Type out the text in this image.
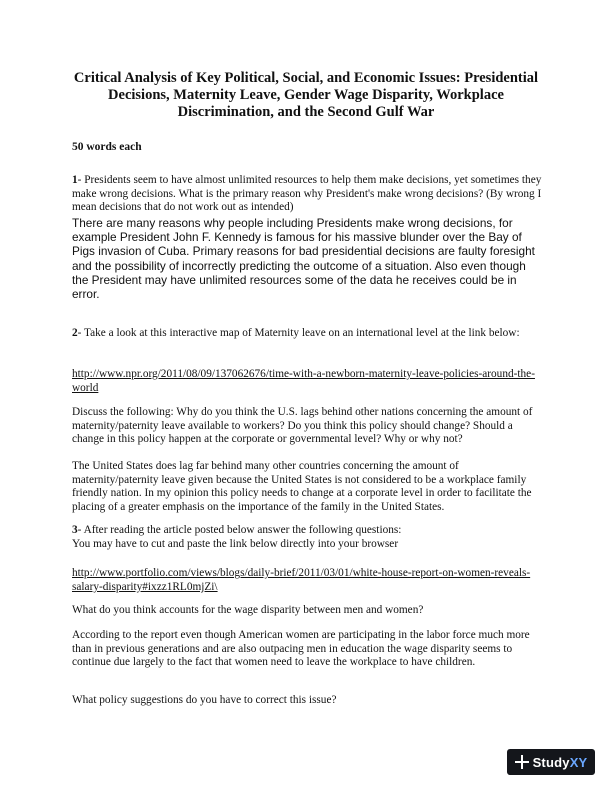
Critical Analysis of Key Political, Social, and Economic Issues: Presidential Decisions, Maternity Leave, Gender Wage Disparity, Workplace Discrimination, and the Second Gulf War
50 words each
1- Presidents seem to have almost unlimited resources to help them make decisions, yet sometimes they make wrong decisions. What is the primary reason why President's make wrong decisions? (By wrong I mean decisions that do not work out as intended)
There are many reasons why people including Presidents make wrong decisions, for example President John F. Kennedy is famous for his massive blunder over the Bay of Pigs invasion of Cuba. Primary reasons for bad presidential decisions are faulty foresight and the possibility of incorrectly predicting the outcome of a situation. Also even though the President may have unlimited resources some of the data he receives could be in error.
2- Take a look at this interactive map of Maternity leave on an international level at the link below:
http://www.npr.org/2011/08/09/137062676/time-with-a-newborn-maternity-leave-policies-around-the-world
Discuss the following: Why do you think the U.S. lags behind other nations concerning the amount of maternity/paternity leave available to workers? Do you think this policy should change? Should a change in this policy happen at the corporate or governmental level? Why or why not?
The United States does lag far behind many other countries concerning the amount of maternity/paternity leave given because the United States is not considered to be a workplace family friendly nation. In my opinion this policy needs to change at a corporate level in order to facilitate the placing of a greater emphasis on the importance of the family in the United States.
3- After reading the article posted below answer the following questions:
You may have to cut and paste the link below directly into your browser
http://www.portfolio.com/views/blogs/daily-brief/2011/03/01/white-house-report-on-women-reveals-salary-disparity#ixzz1RL0mjZi\
What do you think accounts for the wage disparity between men and women?
According to the report even though American women are participating in the labor force much more than in previous generations and are also outpacing men in education the wage disparity seems to continue due largely to the fact that women need to leave the workplace to have children.
What policy suggestions do you have to correct this issue?
StudyXY
